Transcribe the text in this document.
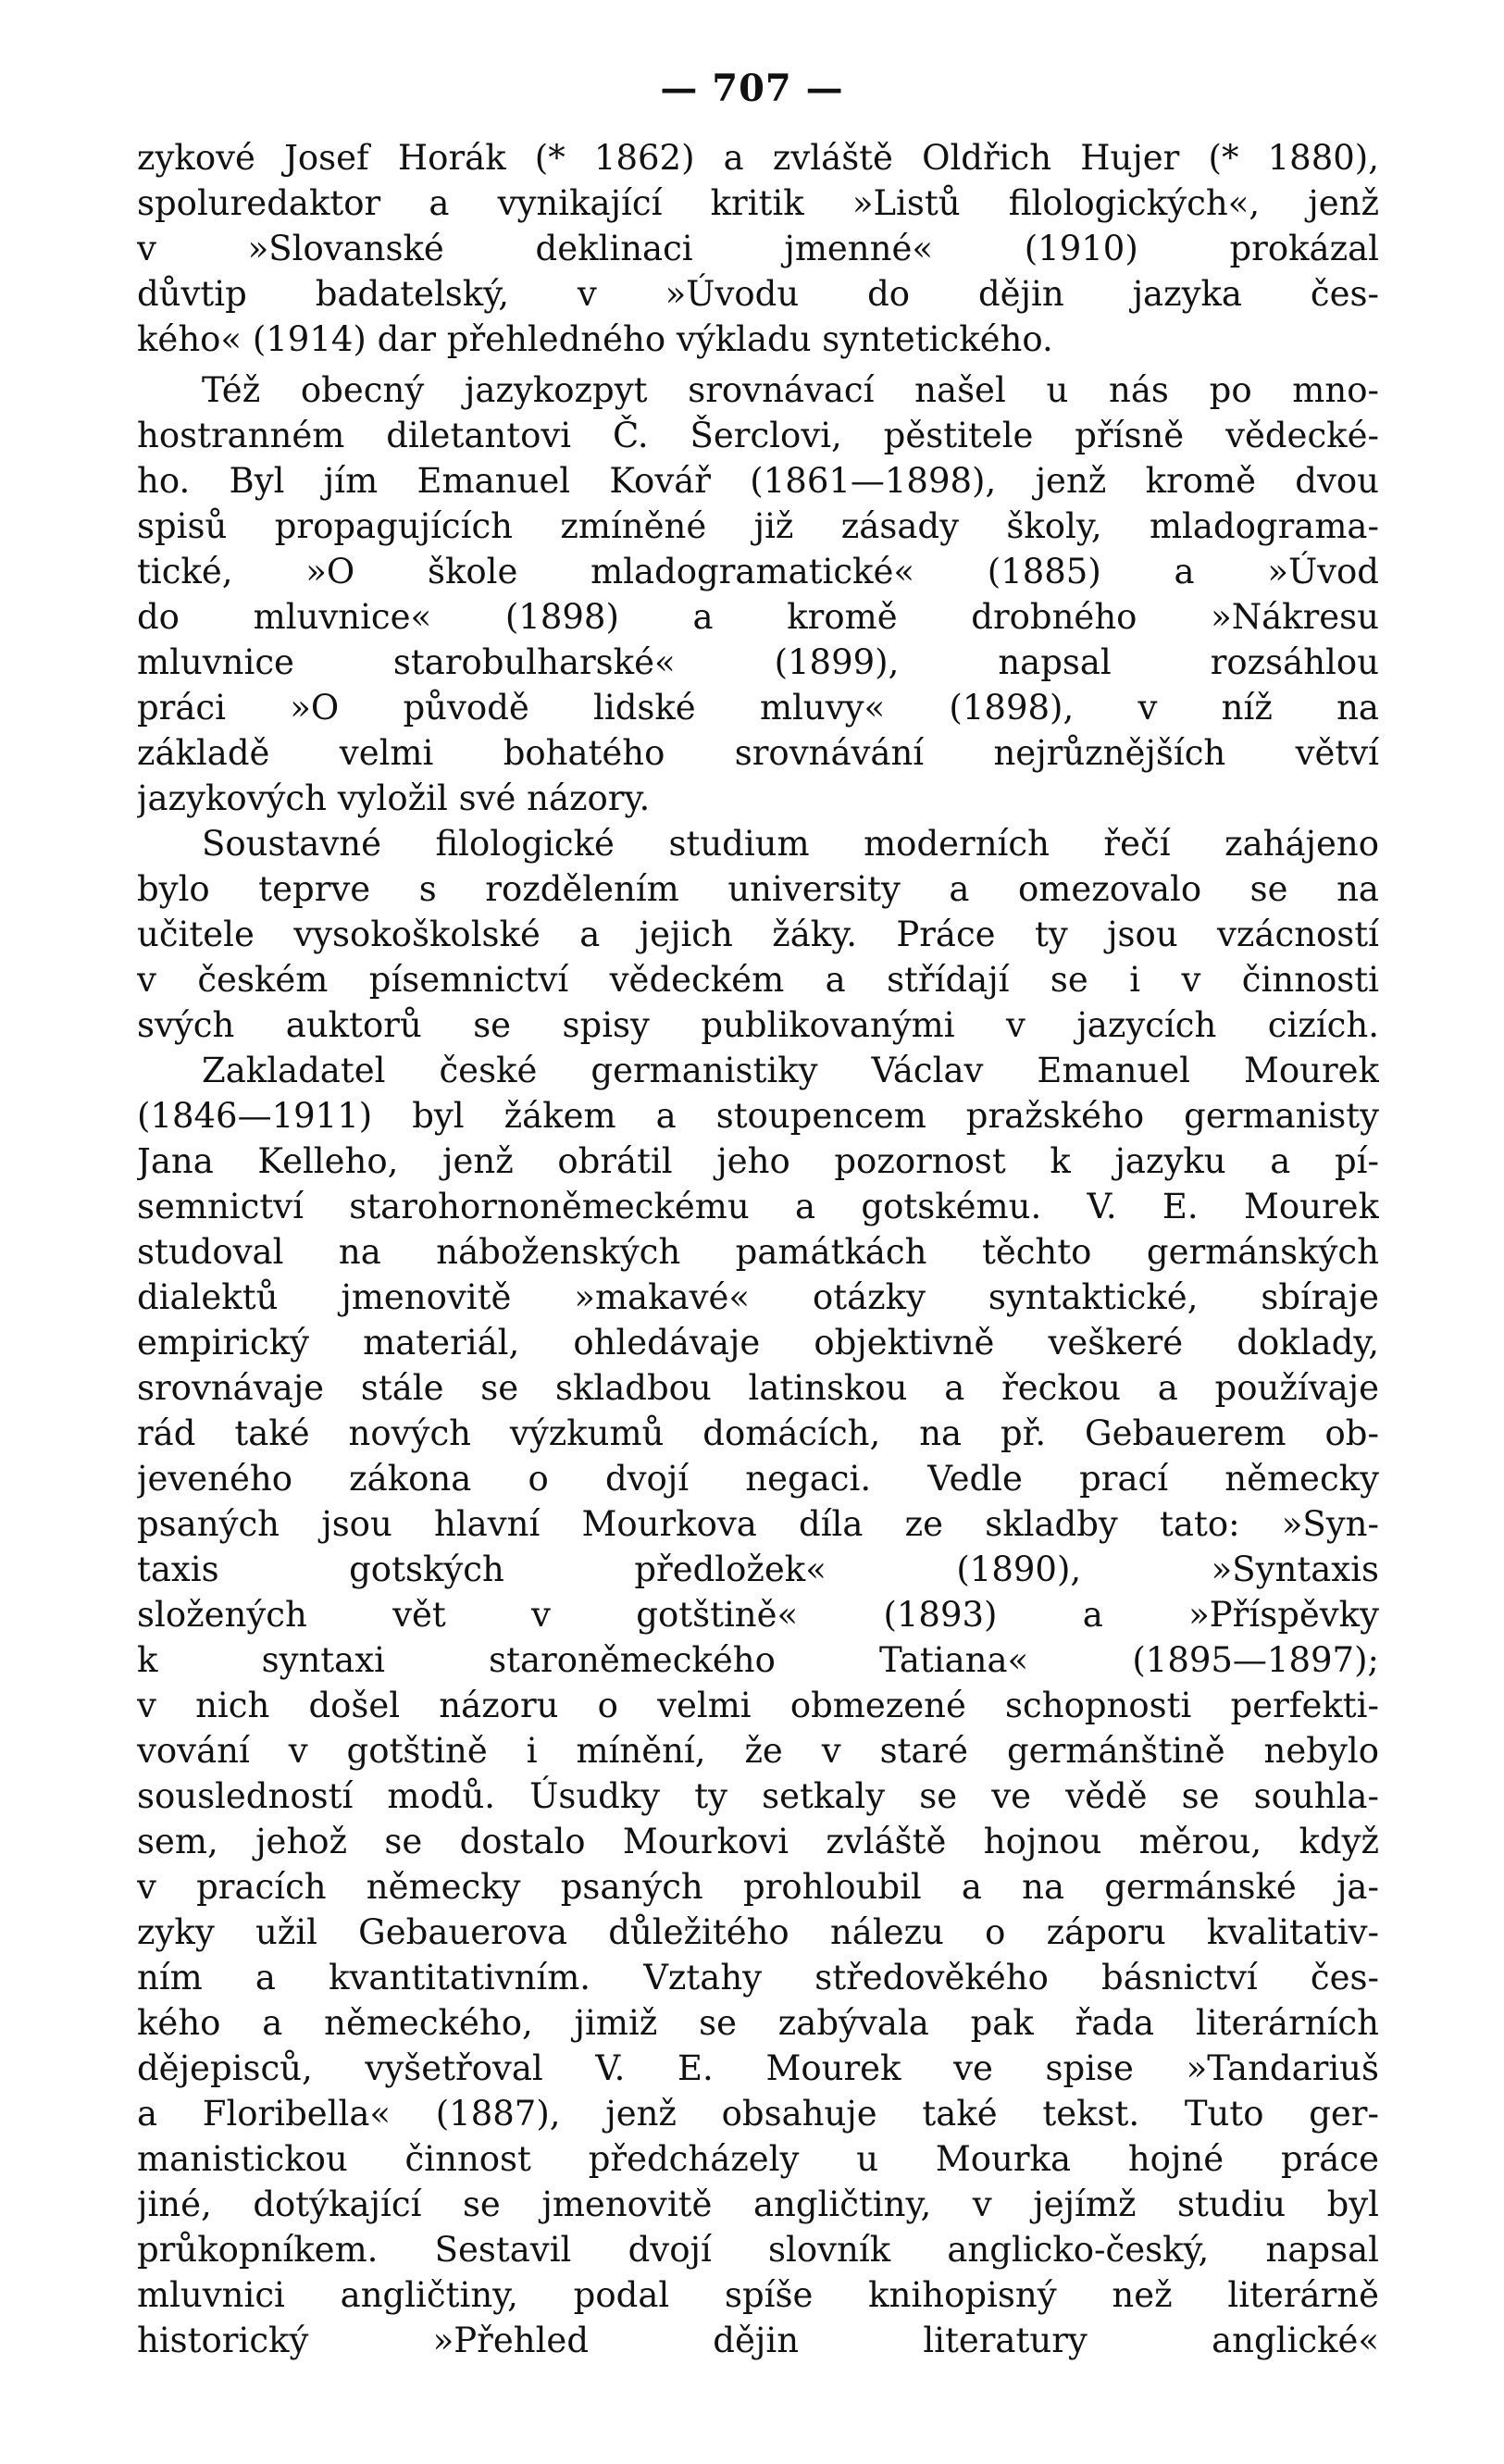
— 707 —
zykové Josef Horák (* 1862) a zvláště Oldřich Hujer (* 1880),
spoluredaktor a vynikající kritik »Listů filologických«, jenž
v »Slovanské deklinaci jmenné« (1910) prokázal
důvtip badatelský, v »Úvodu do dějin jazyka čes-
kého« (1914) dar přehledného výkladu syntetického.
Též obecný jazykozpyt srovnávací našel u nás po mno-
hostranném diletantovi Č. Šerclovi, pěstitele přísně vědecké-
ho. Byl jím Emanuel Kovář (1861—1898), jenž kromě dvou
spisů propagujících zmíněné již zásady školy, mladograma-
tické, »O škole mladogramatické« (1885) a »Úvod
do mluvnice« (1898) a kromě drobného »Nákresu
mluvnice starobulharské« (1899), napsal rozsáhlou
práci »O původě lidské mluvy« (1898), v níž na
základě velmi bohatého srovnávání nejrůznějších větví
jazykových vyložil své názory.
Soustavné filologické studium moderních řečí zahájeno
bylo teprve s rozdělením university a omezovalo se na
učitele vysokoškolské a jejich žáky. Práce ty jsou vzácností
v českém písemnictví vědeckém a střídají se i v činnosti
svých auktorů se spisy publikovanými v jazycích cizích.
Zakladatel české germanistiky Václav Emanuel Mourek
(1846—1911) byl žákem a stoupencem pražského germanisty
Jana Kelleho, jenž obrátil jeho pozornost k jazyku a pí-
semnictví starohornoněmeckému a gotskému. V. E. Mourek
studoval na náboženských památkách těchto germánských
dialektů jmenovitě »makavé« otázky syntaktické, sbíraje
empirický materiál, ohledávaje objektivně veškeré doklady,
srovnávaje stále se skladbou latinskou a řeckou a používaje
rád také nových výzkumů domácích, na př. Gebauerem ob-
jeveného zákona o dvojí negaci. Vedle prací německy
psaných jsou hlavní Mourkova díla ze skladby tato: »Syn-
taxis gotských předložek« (1890), »Syntaxis
složených vět v gotštině« (1893) a »Příspěvky
k syntaxi staroněmeckého Tatiana« (1895—1897);
v nich došel názoru o velmi obmezené schopnosti perfekti-
vování v gotštině i mínění, že v staré germánštině nebylo
sousledností modů. Úsudky ty setkaly se ve vědě se souhla-
sem, jehož se dostalo Mourkovi zvláště hojnou měrou, když
v pracích německy psaných prohloubil a na germánské ja-
zyky užil Gebauerova důležitého nálezu o záporu kvalitativ-
ním a kvantitativním. Vztahy středověkého básnictví čes-
kého a německého, jimiž se zabývala pak řada literárních
dějepisců, vyšetřoval V. E. Mourek ve spise »Tandariuš
a Floribella« (1887), jenž obsahuje také tekst. Tuto ger-
manistickou činnost předcházely u Mourka hojné práce
jiné, dotýkající se jmenovitě angličtiny, v jejímž studiu byl
průkopníkem. Sestavil dvojí slovník anglicko-český, napsal
mluvnici angličtiny, podal spíše knihopisný než literárně
historický »Přehled dějin literatury anglické«
